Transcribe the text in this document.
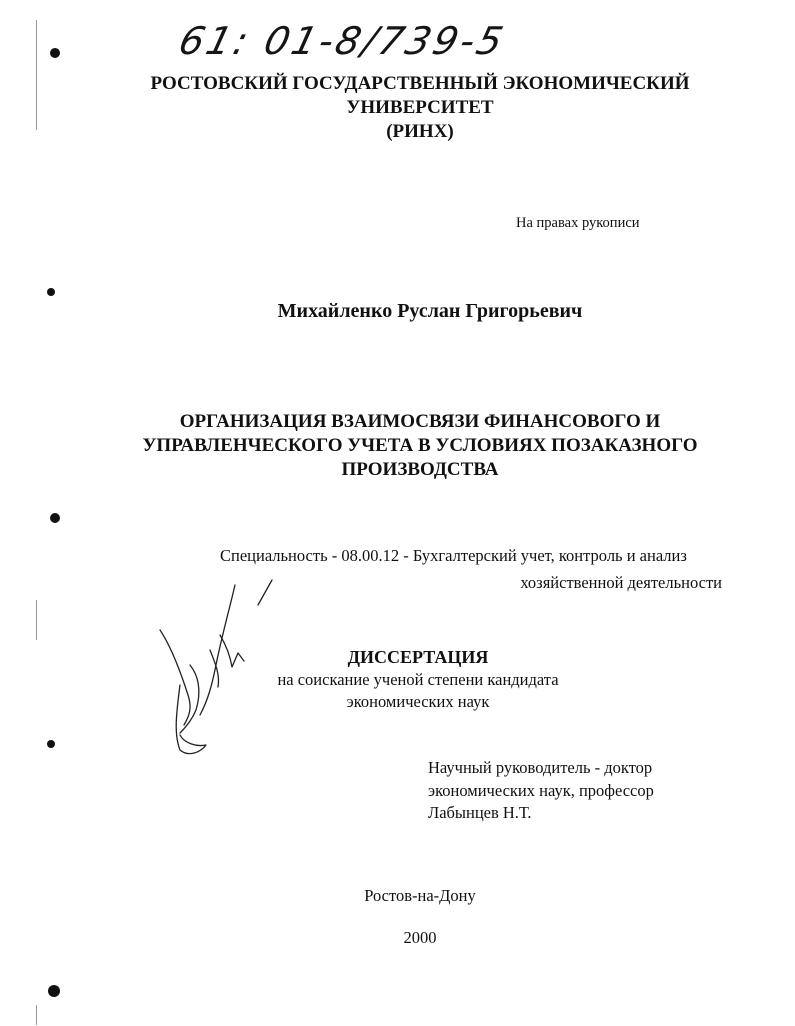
61: 01-8/739-5
РОСТОВСКИЙ ГОСУДАРСТВЕННЫЙ ЭКОНОМИЧЕСКИЙ
УНИВЕРСИТЕТ
(РИНХ)
На правах рукописи
Михайленко Руслан Григорьевич
ОРГАНИЗАЦИЯ ВЗАИМОСВЯЗИ ФИНАНСОВОГО И
УПРАВЛЕНЧЕСКОГО УЧЕТА В УСЛОВИЯХ ПОЗАКАЗНОГО
ПРОИЗВОДСТВА
Специальность - 08.00.12 - Бухгалтерский учет, контроль и анализ
хозяйственной деятельности
ДИССЕРТАЦИЯ
на соискание ученой степени кандидата
экономических наук
Научный руководитель - доктор
экономических наук, профессор
Лабынцев Н.Т.
Ростов-на-Дону
2000
